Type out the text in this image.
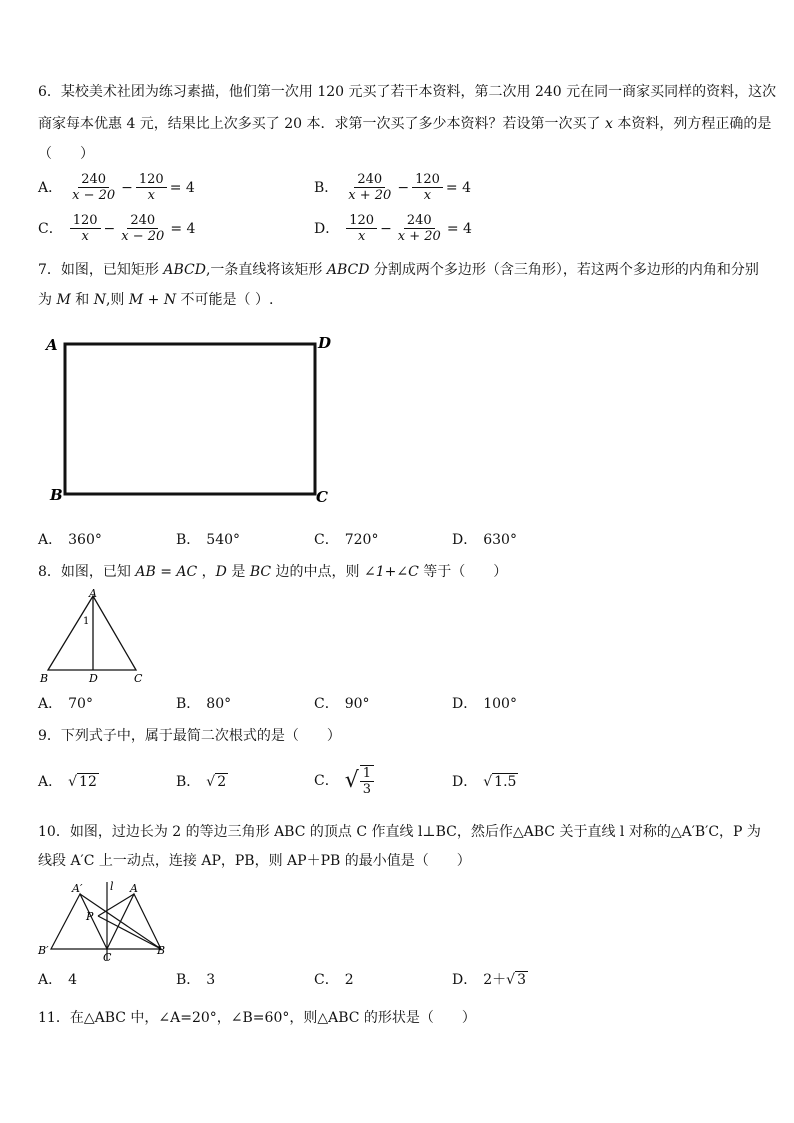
6．某校美术社团为练习素描，他们第一次用 120 元买了若干本资料，第二次用 240 元在同一商家买同样的资料，这次
商家每本优惠 4 元，结果比上次多买了 20 本．求第一次买了多少本资料？若设第一次买了 x 本资料，列方程正确的是
（　　）
A． $\frac{240}{x - 20} - \frac{120}{x} = 4$	B． $\frac{240}{x + 20} - \frac{120}{x} = 4$
C． $\frac{120}{x} - \frac{240}{x - 20} = 4$	D． $\frac{120}{x} - \frac{240}{x + 20} = 4$
7．如图，已知矩形 ABCD,一条直线将该矩形 ABCD 分割成两个多边形（含三角形），若这两个多边形的内角和分别
为 M 和 N,则 M + N 不可能是（ ）.
A	D
B	C
A． 360°	B． 540°	C． 720°	D． 630°
8．如图，已知 AB = AC ，D 是 BC 边的中点，则 ∠1+∠C 等于（　　）
A
1
B	D	C
A． 70°	B． 80°	C． 90°	D． 100°
9．下列式子中，属于最简二次根式的是（　　）
A． √ 12	B． √ 2	C． √ $\frac{1}{3}$	D． √ 1.5
10．如图，过边长为 2 的等边三角形 ABC 的顶点 C 作直线 l⊥BC，然后作△ABC 关于直线 l 对称的△A′B′C，P 为
线段 A′C 上一动点，连接 AP，PB，则 AP＋PB 的最小值是（　　）
A′	l A
P
B′
C
B
A． 4	B． 3	C． 2	D． 2＋√ 3
11．在△ABC 中，∠A=20°，∠B=60°，则△ABC 的形状是（　　）
